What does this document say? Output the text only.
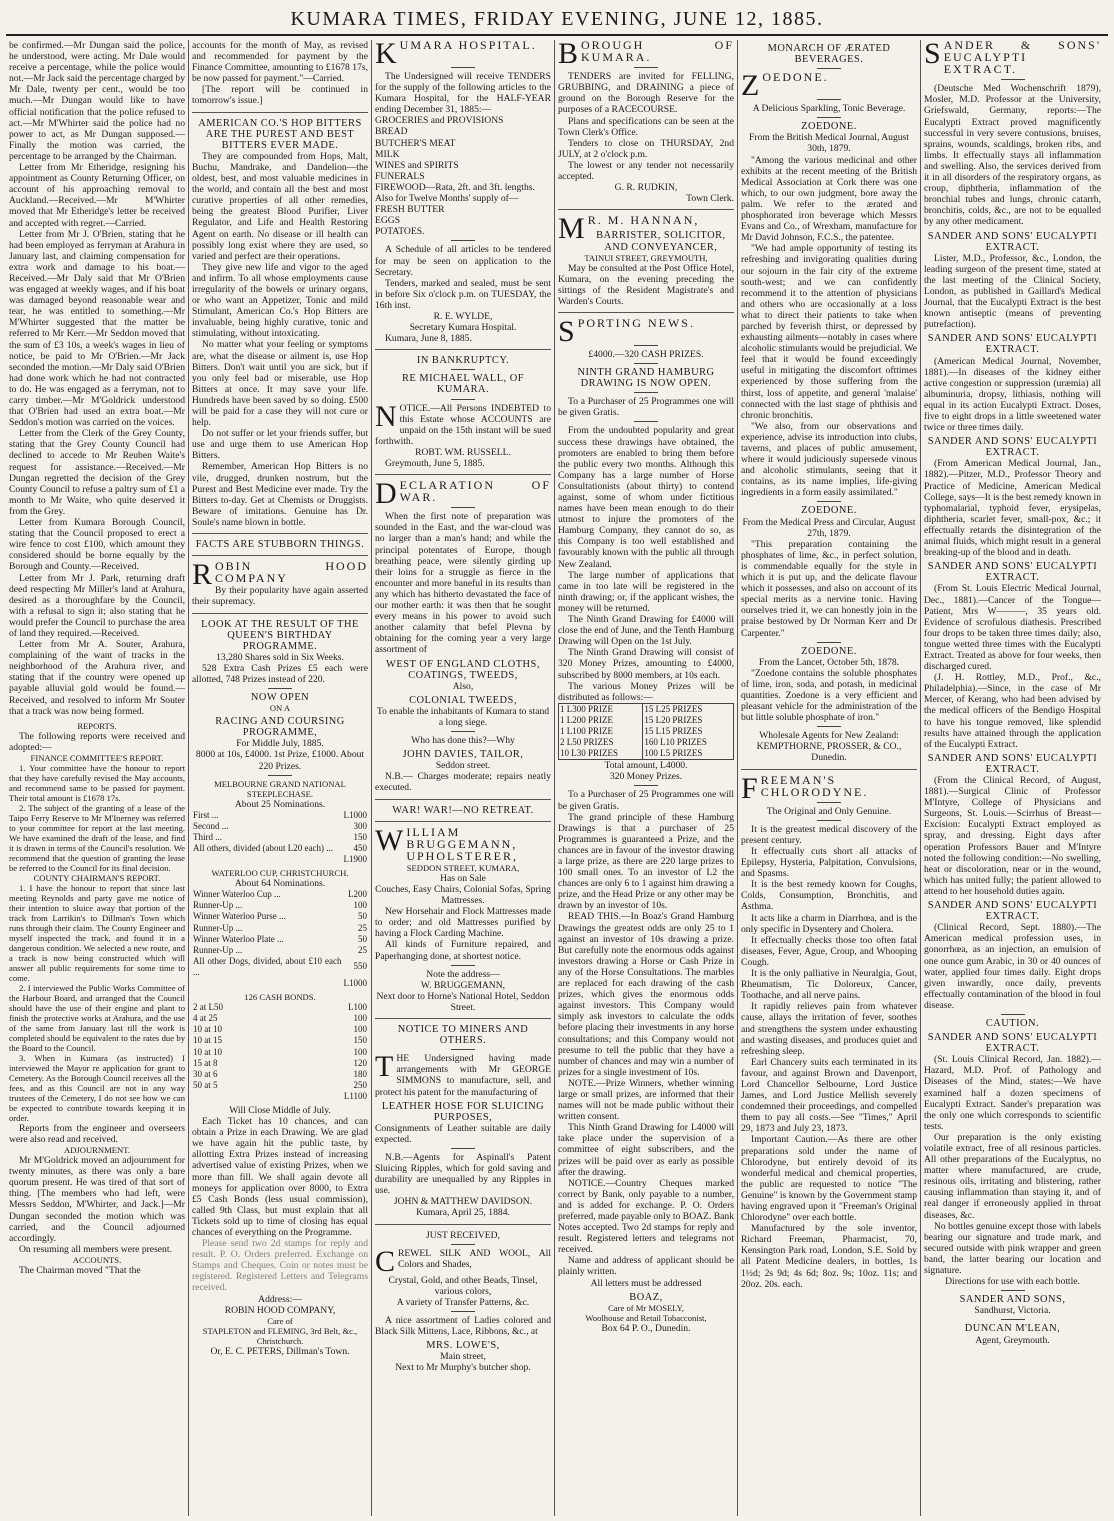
KUMARA TIMES, FRIDAY EVENING, JUNE 12, 1885.

be confirmed.—Mr Dungan said the police, he understood, were acting. Mr Dale would receive a percentage, while the police would not.—Mr Jack said the percentage charged by Mr Dale, twenty per cent., would be too much.—Mr Dungan would like to have official notification that the police refused to act.—Mr M'Whirter said the police had no power to act, as Mr Dungan supposed.—Finally the motion was carried, the percentage to be arranged by the Chairman.

Letter from Mr Etheridge, resigning his appointment as County Returning Officer, on account of his approaching removal to Auckland.—Received.—Mr M'Whirter moved that Mr Etheridge's letter be received and accepted with regret.—Carried.

Letter from Mr J. O'Brien, stating that he had been employed as ferryman at Arahura in January last, and claiming compensation for extra work and damage to his boat.—Received.—Mr Daly said that Mr O'Brien was engaged at weekly wages, and if his boat was damaged beyond reasonable wear and tear, he was entitled to something.—Mr M'Whirter suggested that the matter be referred to Mr Kerr.—Mr Seddon moved that the sum of £3 10s, a week's wages in lieu of notice, be paid to Mr O'Brien.—Mr Jack seconded the motion.—Mr Daly said O'Brien had done work which he had not contracted to do. He was engaged as a ferryman, not to carry timber.—Mr M'Goldrick understood that O'Brien had used an extra boat.—Mr Seddon's motion was carried on the voices.

Letter from the Clerk of the Grey County, stating that the Grey County Council had declined to accede to Mr Reuben Waite's request for assistance.—Received.—Mr Dungan regretted the decision of the Grey County Council to refuse a paltry sum of £1 a month to Mr Waite, who quite deserved it from the Grey.

Letter from Kumara Borough Council, stating that the Council proposed to erect a wire fence to cost £100, which amount they considered should be borne equally by the Borough and County.—Received.

Letter from Mr J. Park, returning draft deed respecting Mr Miller's land at Arahura, desired as a thoroughfare by the Council, with a refusal to sign it; also stating that he would prefer the Council to purchase the area of land they required.—Received.

Letter from Mr A. Souter, Arahura, complaining of the want of tracks in the neighborhood of the Arahura river, and stating that if the country were opened up payable alluvial gold would be found.—Received, and resolved to inform Mr Souter that a track was now being formed.

REPORTS.

The following reports were received and adopted:—

FINANCE COMMITTEE'S REPORT.

1. Your committee have the honour to report that they have carefully revised the May accounts, and recommend same to be passed for payment. Their total amount is £1678 17s.

2. The subject of the granting of a lease of the Taipo Ferry Reserve to Mr M'Inerney was referred to your committee for report at the last meeting. We have examined the draft of the lease, and find it is drawn in terms of the Council's resolution. We recommend that the question of granting the lease be referred to the Council for its final decision.

COUNTY CHAIRMAN'S REPORT.

1. I have the honour to report that since last meeting Reynolds and party gave me notice of their intention to sluice away that portion of the track from Larrikin's to Dillman's Town which runs through their claim. The County Engineer and myself inspected the track, and found it in a dangerous condition. We selected a new route, and a track is now being constructed which will answer all public requirements for some time to come.

2. I interviewed the Public Works Committee of the Harbour Board, and arranged that the Council should have the use of their engine and plant to finish the protective works at Arahura, and the use of the same from January last till the work is completed should be equivalent to the rates due by the Board to the Council.

3. When in Kumara (as instructed) I interviewed the Mayor re application for grant to Cemetery. As the Borough Council receives all the fees, and as this Council are not in any way trustees of the Cemetery, I do not see how we can be expected to contribute towards keeping it in order.

Reports from the engineer and overseers were also read and received.

ADJOURNMENT.

Mr M'Goldrick moved an adjournment for twenty minutes, as there was only a bare quorum present. He was tired of that sort of thing. [The members who had left, were Messrs Seddon, M'Whirter, and Jack.]—Mr Dungan seconded the motion which was carried, and the Council adjourned accordingly.

On resuming all members were present.

ACCOUNTS.

The Chairman moved "That the

accounts for the month of May, as revised and recommended for payment by the Finance Committee, amounting to £1678 17s, be now passed for payment."—Carried.

[The report will be continued in tomorrow's issue.]

AMERICAN CO.'S HOP BITTERS ARE THE PUREST AND BEST BITTERS EVER MADE.

They are compounded from Hops, Malt, Buchu, Mandrake, and Dandelion—the oldest, best, and most valuable medicines in the world, and contain all the best and most curative properties of all other remedies, being the greatest Blood Purifier, Liver Regulator, and Life and Health Restoring Agent on earth. No disease or ill health can possibly long exist where they are used, so varied and perfect are their operations.

They give new life and vigor to the aged and infirm. To all whose employments cause irregularity of the bowels or urinary organs, or who want an Appetizer, Tonic and mild Stimulant, American Co.'s Hop Bitters are invaluable, being highly curative, tonic and stimulating, without intoxicating.

No matter what your feeling or symptoms are, what the disease or ailment is, use Hop Bitters. Don't wait until you are sick, but if you only feel bad or miserable, use Hop Bitters at once. It may save your life. Hundreds have been saved by so doing. £500 will be paid for a case they will not cure or help.

Do not suffer or let your friends suffer, but use and urge them to use American Hop Bitters.

Remember, American Hop Bitters is no vile, drugged, drunken nostrum, but the Purest and Best Medicine ever made. Try the Bitters to-day. Get at Chemists or Druggists. Beware of imitations. Genuine has Dr. Soule's name blown in bottle.

FACTS ARE STUBBORN THINGS.

ROBIN HOOD COMPANY

By their popularity have again asserted their supremacy.

LOOK AT THE RESULT OF THE QUEEN'S BIRTHDAY PROGRAMME.

13,280 Shares sold in Six Weeks.

528 Extra Cash Prizes £5 each were allotted, 748 Prizes instead of 220.

NOW OPEN

ON A

RACING AND COURSING PROGRAMME,

For Middle July, 1885.

8000 at 10s, £4000. 1st Prize, £1000. About 220 Prizes.

MELBOURNE GRAND NATIONAL STEEPLECHASE.

About 25 Nominations.

First ...	L1000
Second ...	300
Third ...	150
All others, divided (about L20 each) ...	450
	L1900

WATERLOO CUP, CHRISTCHURCH.

About 64 Nominations.

Winner Waterloo Cup ...	L200
Runner-Up ...	100
Winner Waterloo Purse ...	50
Runner-Up ...	25
Winner Waterloo Plate ...	50
Runner-Up ...	25
All other Dogs, divided, about £10 each ...	550
	L1000

126 CASH BONDS.

2 at L50	L100
4 at 25	100
10 at 10	100
10 at 15	150
10 at 10	100
15 at 8	120
30 at 6	180
50 at 5	250
	L1100

Will Close Middle of July.

Each Ticket has 10 chances, and can obtain a Prize in each Drawing. We are glad we have again hit the public taste, by allotting Extra Prizes instead of increasing advertised value of existing Prizes, when we more than fill. We shall again devote all moneys for application over 8000, to Extra £5 Cash Bonds (less usual commission), called 9th Class, but must explain that all Tickets sold up to time of closing has equal chances of everything on the Programme.

Please send two 2d stamps for reply and result. P. O. Orders preferred. Exchange on Stamps and Cheques. Coin or notes must be registered. Registered Letters and Telegrams received.

Address:—

ROBIN HOOD COMPANY,

Care of

STAPLETON and FLEMING, 3rd Belt, &c., Christchurch.

Or, E. C. PETERS, Dillman's Town.

KUMARA HOSPITAL.

The Undersigned will receive TENDERS for the supply of the following articles to the Kumara Hospital, for the HALF-YEAR ending December 31, 1885:—

GROCERIES and PROVISIONS

BREAD

BUTCHER'S MEAT

MILK

WINES and SPIRITS

FUNERALS

FIREWOOD—Rata, 2ft. and 3ft. lengths.

Also for Twelve Months' supply of—

FRESH BUTTER

EGGS

POTATOES.

A Schedule of all articles to be tendered for may be seen on application to the Secretary.

Tenders, marked and sealed, must be sent in before Six o'clock p.m. on TUESDAY, the 16th inst.

R. E. WYLDE,

Secretary Kumara Hospital.

Kumara, June 8, 1885.

IN BANKRUPTCY.

RE MICHAEL WALL, OF KUMARA.

NOTICE.—All Persons INDEBTED to this Estate whose ACCOUNTS are unpaid on the 15th instant will be sued forthwith.

ROBT. WM. RUSSELL.

Greymouth, June 5, 1885.

DECLARATION OF WAR.

When the first note of preparation was sounded in the East, and the war-cloud was no larger than a man's hand; and while the principal potentates of Europe, though breathing peace, were silently girding up their loins for a struggle as fierce in the encounter and more baneful in its results than any which has hitherto devastated the face of our mother earth: it was then that he sought every means in his power to avoid such another calamity that befel Plevna by obtaining for the coming year a very large assortment of

WEST OF ENGLAND CLOTHS, COATINGS, TWEEDS,

Also,

COLONIAL TWEEDS,

To enable the inhabitants of Kumara to stand a long siege.

Who has done this?—Why

JOHN DAVIES, TAILOR,

Seddon street.

N.B.— Charges moderate; repairs neatly executed.

WAR! WAR!—NO RETREAT.

WILLIAM BRUGGEMANN, UPHOLSTERER,

SEDDON STREET, KUMARA,

Has on Sale

Couches, Easy Chairs, Colonial Sofas, Spring Mattresses.

New Horsehair and Flock Mattresses made to order; and old Mattresses purified by having a Flock Carding Machine.

All kinds of Furniture repaired, and Paperhanging done, at shortest notice.

Note the address—

W. BRUGGEMANN,

Next door to Horne's National Hotel, Seddon Street.

NOTICE TO MINERS AND OTHERS.

THE Undersigned having made arrangements with Mr GEORGE SIMMONS to manufacture, sell, and protect his patent for the manufacturing of

LEATHER HOSE FOR SLUICING PURPOSES,

Consignments of Leather suitable are daily expected.

N.B.—Agents for Aspinall's Patent Sluicing Ripples, which for gold saving and durability are unequalled by any Ripples in use.

JOHN & MATTHEW DAVIDSON.

Kumara, April 25, 1884.

JUST RECEIVED,

CREWEL SILK AND WOOL, All Colors and Shades,

Crystal, Gold, and other Beads, Tinsel, various colors,

A variety of Transfer Patterns, &c.

A nice assortment of Ladies colored and Black Silk Mittens, Lace, Ribbons, &c., at

MRS. LOWE'S,

Main street,

Next to Mr Murphy's butcher shop.

BOROUGH OF KUMARA.

TENDERS are invited for FELLING, GRUBBING, and DRAINING a piece of ground on the Borough Reserve for the purposes of a RACECOURSE.

Plans and specifications can be seen at the Town Clerk's Office.

Tenders to close on THURSDAY, 2nd JULY, at 2 o'clock p.m.

The lowest or any tender not necessarily accepted.

G. R. RUDKIN,

Town Clerk.

M R. M. HANNAN,

BARRISTER, SOLICITOR, AND CONVEYANCER,

TAINUI STREET, GREYMOUTH,

May be consulted at the Post Office Hotel, Kumara, on the evening preceding the sittings of the Resident Magistrate's and Warden's Courts.

SPORTING NEWS.

£4000.—320 CASH PRIZES.

NINTH GRAND HAMBURG DRAWING IS NOW OPEN.

To a Purchaser of 25 Programmes one will be given Gratis.

From the undoubted popularity and great success these drawings have obtained, the promoters are enabled to bring them before the public every two months. Although this Company has a large number of Horse Consultationists (about thirty) to contend against, some of whom under fictitious names have been mean enough to do their utmost to injure the promoters of the Hamburg Company, they cannot do so, as this Company is too well established and favourably known with the public all through New Zealand.

The large number of applications that came in too late will be registered in the ninth drawing; or, if the applicant wishes, the money will be returned.

The Ninth Grand Drawing for £4000 will close the end of June, and the Tenth Hamburg Drawing will Open on the 1st July.

The Ninth Grand Drawing will consist of 320 Money Prizes, amounting to £4000, subscribed by 8000 members, at 10s each.

The various Money Prizes will be distributed as follows:—

1 L300 PRIZE	15 L25 PRIZES
1 L200 PRIZE	15 L20 PRIZES
1 L100 PRIZE	15 L15 PRIZES
2 L50 PRIZES	160 L10 PRIZES
10 L30 PRIZES	100 L5 PRIZES

Total amount, L4000.

320 Money Prizes.

To a Purchaser of 25 Programmes one will be given Gratis.

The grand principle of these Hamburg Drawings is that a purchaser of 25 Programmes is guaranteed a Prize, and the chances are in favour of the investor drawing a large prize, as there are 220 large prizes to 100 small ones. To an investor of L2 the chances are only 6 to 1 against him drawing a prize, and the Head Prize or any other may be drawn by an investor of 10s.

READ THIS.—In Boaz's Grand Hamburg Drawings the greatest odds are only 25 to 1 against an investor of 10s drawing a prize. But carefully note the enormous odds against investors drawing a Horse or Cash Prize in any of the Horse Consultations. The marbles are replaced for each drawing of the cash prizes, which gives the enormous odds against investors. This Company would simply ask investors to calculate the odds before placing their investments in any horse consultations; and this Company would not presume to tell the public that they have a number of chances and may win a number of prizes for a single investment of 10s.

NOTE.—Prize Winners, whether winning large or small prizes, are informed that their names will not be made public without their written consent.

This Ninth Grand Drawing for L4000 will take place under the supervision of a committee of eight subscribers, and the prizes will be paid over as early as possible after the drawing.

NOTICE.—Country Cheques marked correct by Bank, only payable to a number, and is added for exchange. P. O. Orders preferred, made payable only to BOAZ. Bank Notes accepted. Two 2d stamps for reply and result. Registered letters and telegrams not received.

Name and address of applicant should be plainly written.

All letters must be addressed

BOAZ,

Care of Mr MOSELY,

Woolhouse and Retail Tobacconist,

Box 64 P. O., Dunedin.

MONARCH OF ÆRATED BEVERAGES.

ZOEDONE.

A Delicious Sparkling, Tonic Beverage.

ZOEDONE.

From the British Medical Journal, August 30th, 1879.

"Among the various medicinal and other exhibits at the recent meeting of the British Medical Association at Cork there was one which, to our own judgment, bore away the palm. We refer to the ærated and phosphorated iron beverage which Messrs Evans and Co., of Wrexham, manufacture for Mr David Johnson, F.C.S., the patentee.

"We had ample opportunity of testing its refreshing and invigorating qualities during our sojourn in the fair city of the extreme south-west; and we can confidently recommend it to the attention of physicians and others who are occasionally at a loss what to direct their patients to take when parched by feverish thirst, or depressed by exhausting ailments—notably in cases where alcoholic stimulants would be prejudicial. We feel that it would be found exceedingly useful in mitigating the discomfort ofttimes experienced by those suffering from the thirst, loss of appetite, and general 'malaise' connected with the last stage of phthisis and chronic bronchitis.

"We also, from our observations and experience, advise its introduction into clubs, taverns, and places of public amusement, where it would judiciously supersede vinous and alcoholic stimulants, seeing that it contains, as its name implies, life-giving ingredients in a form easily assimilated."

ZOEDONE.

From the Medical Press and Circular, August 27th, 1879.

"This preparation containing the phosphates of lime, &c., in perfect solution, is commendable equally for the style in which it is put up, and the delicate flavour which it possesses, and also on account of its special merits as a nervine tonic. Having ourselves tried it, we can honestly join in the praise bestowed by Dr Norman Kerr and Dr Carpenter."

ZOEDONE.

From the Lancet, October 5th, 1878.

"Zoedone contains the soluble phosphates of lime, iron, soda, and potash, in medicinal quantities. Zoedone is a very efficient and pleasant vehicle for the administration of the but little soluble phosphate of iron."

Wholesale Agents for New Zealand:

KEMPTHORNE, PROSSER, & CO., Dunedin.

FREEMAN'S CHLORODYNE.

The Original and Only Genuine.

It is the greatest medical discovery of the present century.

It effectually cuts short all attacks of Epilepsy, Hysteria, Palpitation, Convulsions, and Spasms.

It is the best remedy known for Coughs, Colds, Consumption, Bronchitis, and Asthma.

It acts like a charm in Diarrhœa, and is the only specific in Dysentery and Cholera.

It effectually checks those too often fatal diseases, Fever, Ague, Croup, and Whooping Cough.

It is the only palliative in Neuralgia, Gout, Rheumatism, Tic Doloreux, Cancer, Toothache, and all nerve pains.

It rapidly relieves pain from whatever cause, allays the irritation of fever, soothes and strengthens the system under exhausting and wasting diseases, and produces quiet and refreshing sleep.

Earl Chancery suits each terminated in its favour, and against Brown and Davenport, Lord Chancellor Selbourne, Lord Justice James, and Lord Justice Mellish severely condemned their proceedings, and compelled them to pay all costs.—See "Times," April 29, 1873 and July 23, 1873.

Important Caution.—As there are other preparations sold under the name of Chlorodyne, but entirely devoid of its wonderful medical and chemical properties, the public are requested to notice "The Genuine" is known by the Government stamp having engraved upon it "Freeman's Original Chlorodyne" over each bottle.

Manufactured by the sole inventor, Richard Freeman, Pharmacist, 70, Kensington Park road, London, S.E. Sold by all Patent Medicine dealers, in bottles, 1s 1½d; 2s 9d; 4s 6d; 8oz. 9s; 10oz. 11s; and 20oz. 20s. each.

SANDER & SONS' EUCALYPTI EXTRACT.

(Deutsche Med Wochenschrift 1879), Mosler, M.D. Professor at the University, Griefswald, Germany, reports:—The Eucalypti Extract proved magnificently successful in very severe contusions, bruises, sprains, wounds, scaldings, broken ribs, and limbs. It effectually stays all inflammation and swelling. Also, the services derived from it in all disorders of the respiratory organs, as croup, diphtheria, inflammation of the bronchial tubes and lungs, chronic catarrh, bronchitis, colds, &c., are not to be equalled by any other medicament.

SANDER AND SONS' EUCALYPTI EXTRACT.

Lister, M.D., Professor, &c., London, the leading surgeon of the present time, stated at the last meeting of the Clinical Society, London, as published in Gaillard's Medical Journal, that the Eucalypti Extract is the best known antiseptic (means of preventing putrefaction).

SANDER AND SONS' EUCALYPTI EXTRACT.

(American Medical Journal, November, 1881).—In diseases of the kidney either active congestion or suppression (uræmia) all albuminuria, dropsy, lithiasis, nothing will equal in its action Eucalypti Extract. Doses, five to eight drops in a little sweetened water twice or three times daily.

SANDER AND SONS' EUCALYPTI EXTRACT.

(From American Medical Journal, Jan., 1882).—Pitzer, M.D., Professor Theory and Practice of Medicine, American Medical College, says—It is the best remedy known in typhomalarial, typhoid fever, erysipelas, diphtheria, scarlet fever, small-pox, &c.; it effectually retards the disintegration of the animal fluids, which might result in a general breaking-up of the blood and in death.

SANDER AND SONS' EUCALYPTI EXTRACT.

(From St. Louis Electric Medical Journal, Dec., 1881).—Cancer of the Tongue—Patient, Mrs W———, 35 years old. Evidence of scrofulous diathesis. Prescribed four drops to be taken three times daily; also, tongue wetted three times with the Eucalypti Extract. Treated as above for four weeks, then discharged cured.

(J. H. Rottley, M.D., Prof., &c., Philadelphia).—Since, in the case of Mr Mercer, of Kerang, who had been advised by the medical officers of the Bendigo Hospital to have his tongue removed, like splendid results have attained through the application of the Eucalypti Extract.

SANDER AND SONS' EUCALYPTI EXTRACT.

(From the Clinical Record, of August, 1881).—Surgical Clinic of Professor M'Intyre, College of Physicians and Surgeons, St. Louis.—Scirrhus of Breast—Excision: Eucalypti Extract employed as spray, and dressing. Eight days after operation Professors Bauer and M'Intyre noted the following condition:—No swelling, heat or discoloration, near or in the wound, which has united fully; the patient allowed to attend to her household duties again.

SANDER AND SONS' EUCALYPTI EXTRACT.

(Clinical Record, Sept. 1880).—The American medical profession uses, in gonorrhœa, as an injection, an emulsion of one ounce gum Arabic, in 30 or 40 ounces of water, applied four times daily. Eight drops given inwardly, once daily, prevents effectually contamination of the blood in foul disease.

CAUTION.

SANDER AND SONS' EUCALYPTI EXTRACT.

(St. Louis Clinical Record, Jan. 1882).—Hazard, M.D. Prof. of Pathology and Diseases of the Mind, states:—We have examined half a dozen specimens of Eucalypti Extract. Sander's preparation was the only one which corresponds to scientific tests.

Our preparation is the only existing volatile extract, free of all resinous particles. All other preparations of the Eucalyptus, no matter where manufactured, are crude, resinous oils, irritating and blistering, rather causing inflammation than staying it, and of real danger if erroneously applied in throat diseases, &c.

No bottles genuine except those with labels bearing our signature and trade mark, and secured outside with pink wrapper and green band, the latter bearing our location and signature.

Directions for use with each bottle.

SANDER AND SONS,

Sandhurst, Victoria.

DUNCAN M'LEAN,

Agent, Greymouth.
